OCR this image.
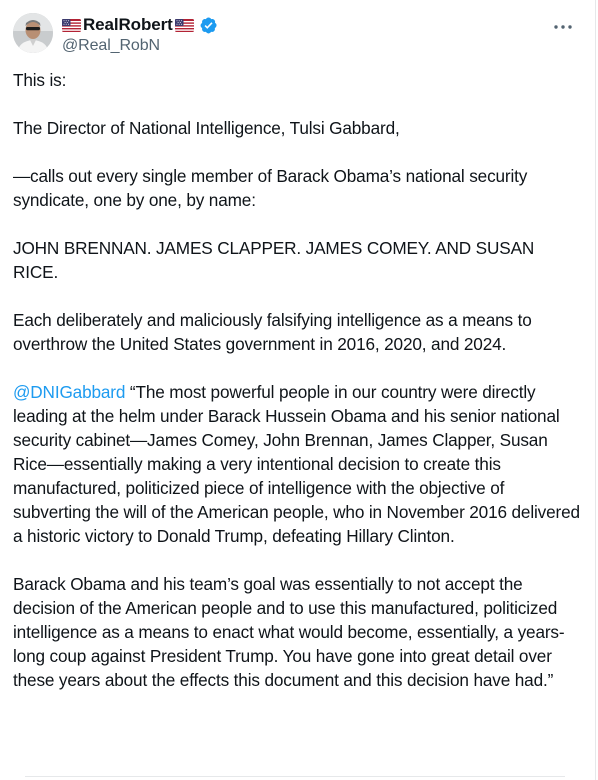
RealRobert
@Real_RobN

This is:

The Director of National Intelligence, Tulsi Gabbard,

—calls out every single member of Barack Obama’s national security syndicate, one by one, by name:

JOHN BRENNAN. JAMES CLAPPER. JAMES COMEY. AND SUSAN RICE.

Each deliberately and maliciously falsifying intelligence as a means to overthrow the United States government in 2016, 2020, and 2024.

@DNIGabbard “The most powerful people in our country were directly leading at the helm under Barack Hussein Obama and his senior national security cabinet—James Comey, John Brennan, James Clapper, Susan Rice—essentially making a very intentional decision to create this manufactured, politicized piece of intelligence with the objective of subverting the will of the American people, who in November 2016 delivered a historic victory to Donald Trump, defeating Hillary Clinton.

Barack Obama and his team’s goal was essentially to not accept the decision of the American people and to use this manufactured, politicized intelligence as a means to enact what would become, essentially, a years-long coup against President Trump. You have gone into great detail over these years about the effects this document and this decision have had.”
